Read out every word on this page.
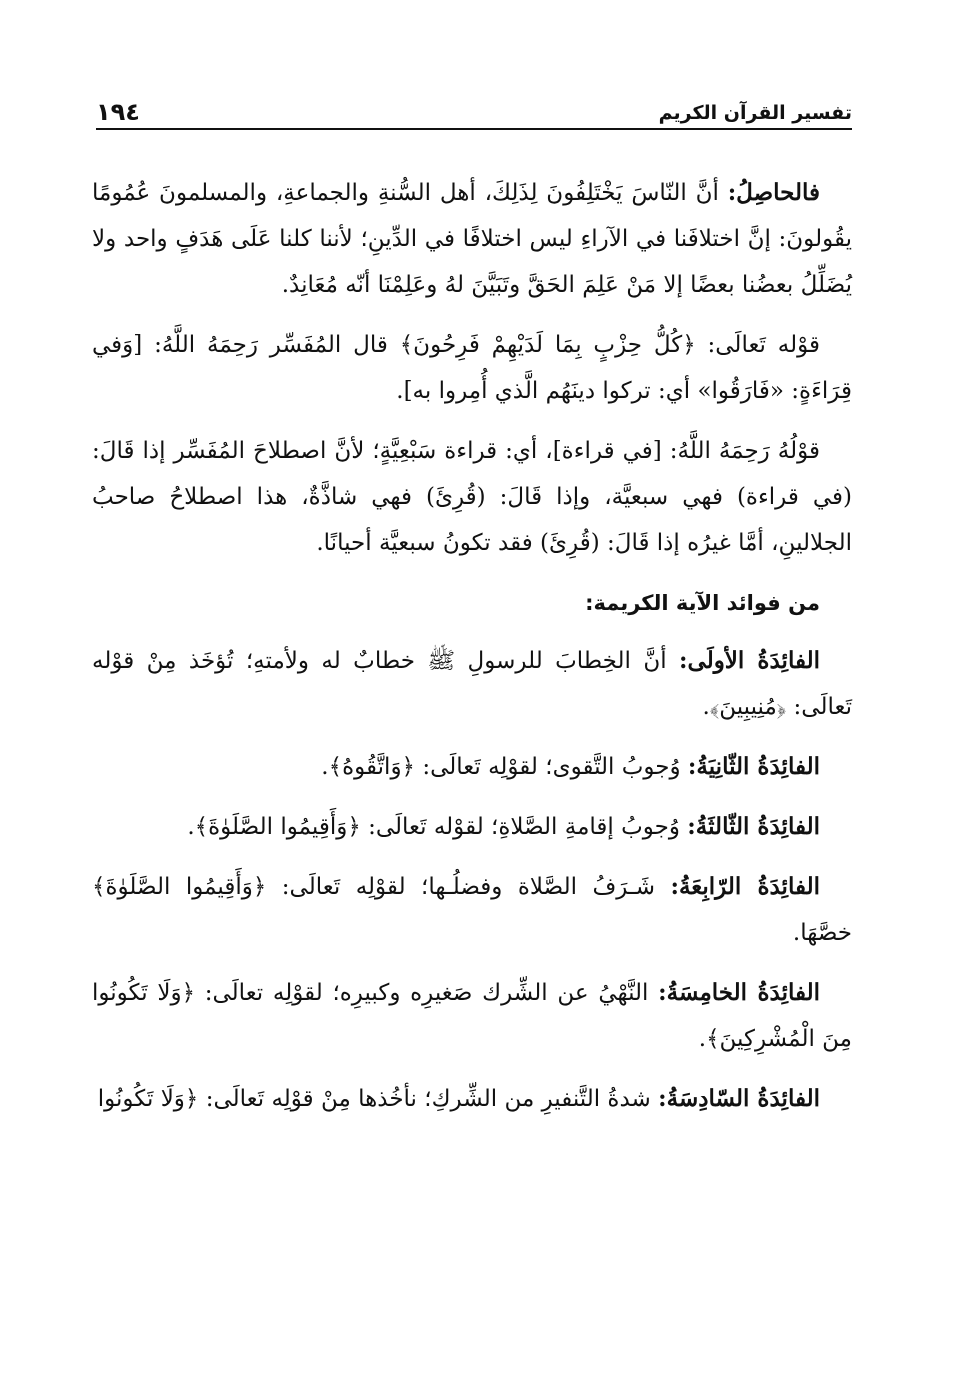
١٩٤	تفسير القرآن الكريم

فالحاصِلُ: أنَّ النّاسَ يَخْتَلِفُونَ لِذَلِكَ، أهل السُّنةِ والجماعةِ، والمسلمونَ عُمُومًا يقُولونَ: إنَّ اختلافَنا في الآراءِ ليس اختلافًا في الدِّينِ؛ لأننا كلنا عَلَى هَدَفٍ واحد ولا يُضَلِّلُ بعضُنا بعضًا إلا مَنْ عَلِمَ الحَقَّ وتَبَيَّنَ لهُ وعَلِمْنَا أنّه مُعَانِدٌ.

قوْله تَعالَى: ﴿كُلُّ حِزْبٍ بِمَا لَدَيْهِمْ فَرِحُونَ﴾ قال المُفَسِّر رَحِمَهُ اللَّهُ: [وَفي قِرَاءَةٍ: «فَارَقُوا» أي: تركوا دينَهُم الَّذي أُمِروا به].

قوْلُهُ رَحِمَهُ اللَّهُ: [في قراءة]، أي: قراءة سَبْعِيَّةٍ؛ لأنَّ اصطلاحَ المُفَسِّر إذا قَالَ: (في قراءة) فهي سبعيَّة، وإذا قَالَ: (قُرِئَ) فهي شاذَّةٌ، هذا اصطلاحُ صاحبُ الجلالينِ، أمَّا غيرُه إذا قَالَ: (قُرِئَ) فقد تكونُ سبعيَّة أحيانًا.

من فوائد الآية الكريمة:

الفائِدَةُ الأولَى: أنَّ الخِطابَ للرسولِ ﷺ خطابٌ له ولأمتهِ؛ تُؤخَذ مِنْ قوْله تَعالَى: ﴿مُنِيبِينَ﴾.

الفائِدَةُ الثّانِيَةُ: وُجوبُ التَّقوى؛ لقوْلِه تَعالَى: ﴿وَاتَّقُوهُ﴾.

الفائِدَةُ الثّالثَةُ: وُجوبُ إقامةِ الصَّلاةِ؛ لقوْله تَعالَى: ﴿وَأَقِيمُوا الصَّلَوٰةَ﴾.

الفائِدَةُ الرّابِعَةُ: شَـرَفُ الصَّلاة وفضلُـها؛ لقوْلِه تَعالَى: ﴿وَأَقِيمُوا الصَّلَوٰةَ﴾ خصَّهَا.

الفائِدَةُ الخامِسَةُ: النَّهْيُ عن الشِّرك صَغيرِه وكبيرِه؛ لقوْلِه تعالَى: ﴿وَلَا تَكُونُوا مِنَ الْمُشْرِكِينَ﴾.

الفائِدَةُ السّادِسَةُ: شدةُ التَّنفيرِ من الشِّركِ؛ نأخُذها مِنْ قوْلِه تَعالَى: ﴿وَلَا تَكُونُوا
